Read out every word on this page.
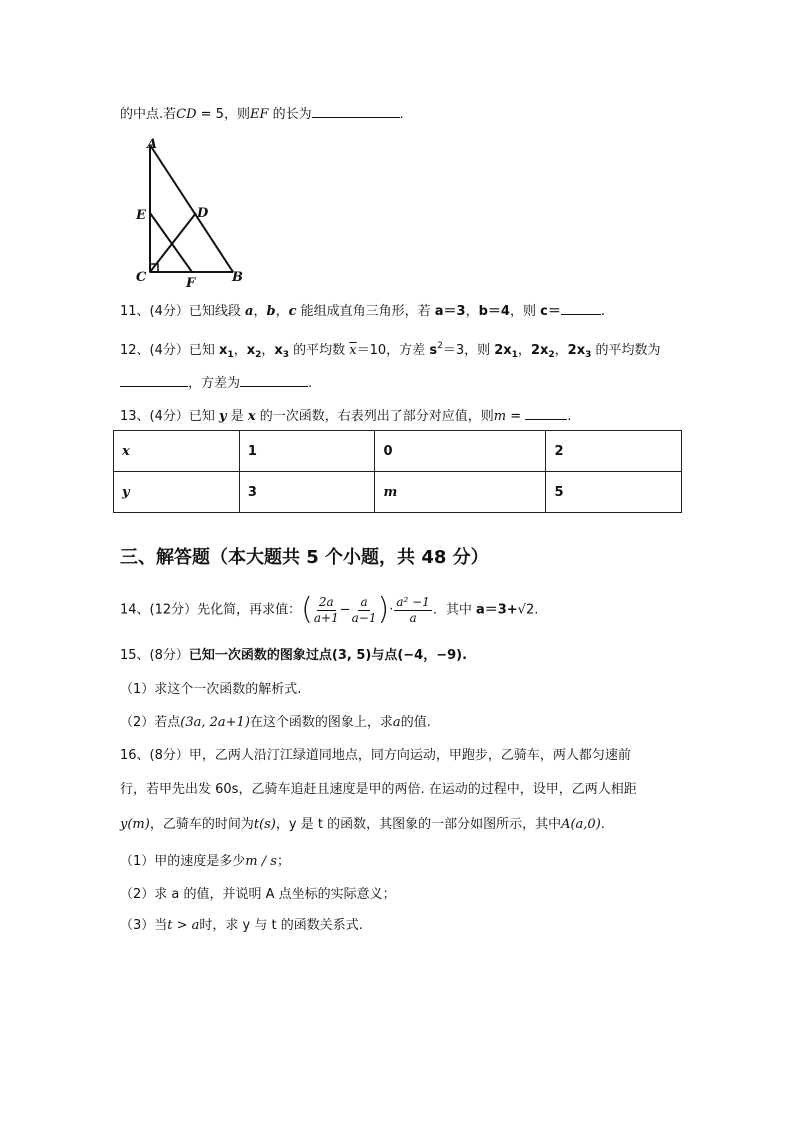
的中点.若CD = 5，则EF 的长为	.
A
E	D
C	F	B
11、(4分）已知线段 a，b，c 能组成直角三角形，若 a＝3，b＝4，则 c＝	.
12、(4分）已知 $x_1$，$x_2$，$x_3$ 的平均数 $\overline{x}=10$，方差 $s^2=3$，则 $2x_1$，$2x_2$，$2x_3$ 的平均数为
，方差为	.
13、(4分）已知 y 是 x 的一次函数，右表列出了部分对应值，则m =	.
x	1	0	2
y	3	m	5
三、解答题（本大题共 5 个小题，共 48 分）
14、(12分）先化简，再求值：( $\frac{2a}{a+1} - \frac{a}{a-1}$ )· $\frac{\text{a² −1}}{a}$ ．其中 a＝3+√2.
15、(8分）已知一次函数的图象过点(3, 5)与点(−4，−9).
（1）求这个一次函数的解析式.
（2）若点(3a, 2a+1)在这个函数的图象上，求a的值.
16、(8分）甲，乙两人沿汀江绿道同地点，同方向运动，甲跑步，乙骑车，两人都匀速前
行，若甲先出发 60s，乙骑车追赶且速度是甲的两倍. 在运动的过程中，设甲，乙两人相距
y(m)，乙骑车的时间为t(s)，y 是 t 的函数，其图象的一部分如图所示，其中A(a,0).
（1）甲的速度是多少m / s；
（2）求 a 的值，并说明 A 点坐标的实际意义；
（3）当t > a时，求 y 与 t 的函数关系式.
